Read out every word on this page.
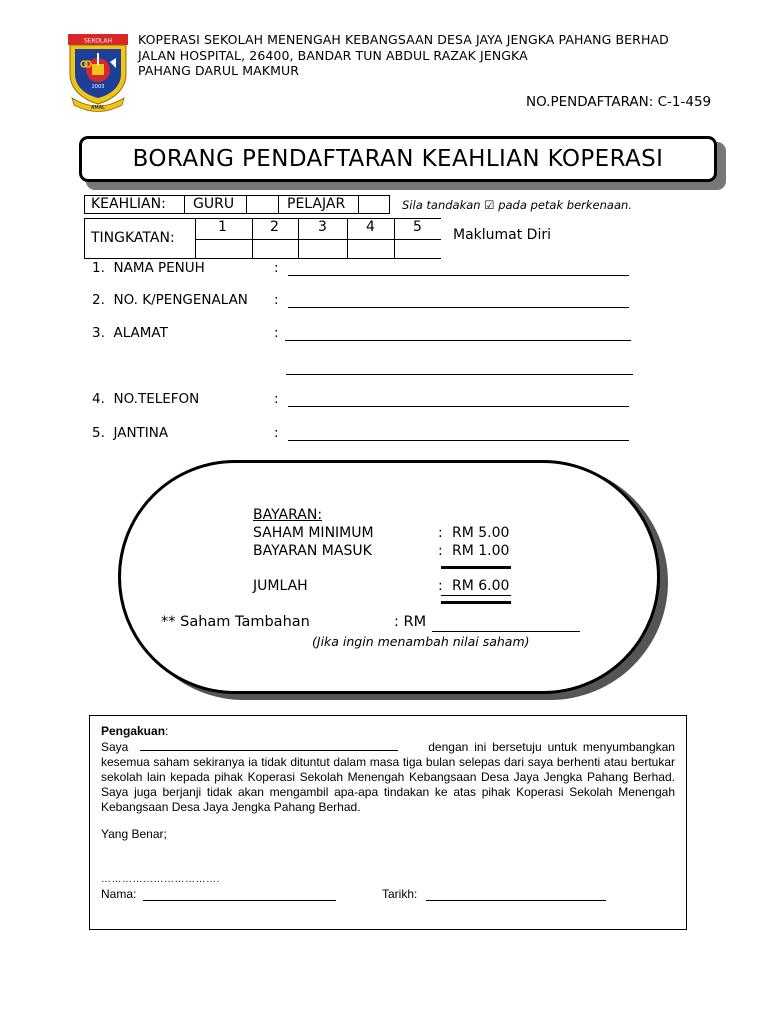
SEKOLAH
2003
AMAL
KOPERASI SEKOLAH MENENGAH KEBANGSAAN DESA JAYA JENGKA PAHANG BERHAD
JALAN HOSPITAL, 26400, BANDAR TUN ABDUL RAZAK JENGKA
PAHANG DARUL MAKMUR
NO.PENDAFTARAN: C-1-459
BORANG PENDAFTARAN KEAHLIAN KOPERASI
KEAHLIAN: GURU	PELAJAR	Sila tandakan ☑ pada petak berkenaan.
TINGKATAN:
1	2	3	4	5 Maklumat Diri
1. NAMA PENUH	:
2. NO. K/PENGENALAN :
3. ALAMAT	:
4. NO.TELEFON	:
5. JANTINA	:
BAYARAN:
SAHAM MINIMUM	: RM 5.00
BAYARAN MASUK	: RM 1.00
JUMLAH	: RM 6.00
** Saham Tambahan	: RM
(Jika ingin menambah nilai saham)
Pengakuan:
Saya	dengan ini bersetuju untuk menyumbangkan kesemua saham sekiranya ia tidak dituntut dalam masa tiga bulan selepas dari saya berhenti atau bertukar sekolah lain kepada pihak Koperasi Sekolah Menengah Kebangsaan Desa Jaya Jengka Pahang Berhad. Saya juga berjanji tidak akan mengambil apa-apa tindakan ke atas pihak Koperasi Sekolah Menengah Kebangsaan Desa Jaya Jengka Pahang Berhad.
Yang Benar;
…………………………….
Nama:	Tarikh:
